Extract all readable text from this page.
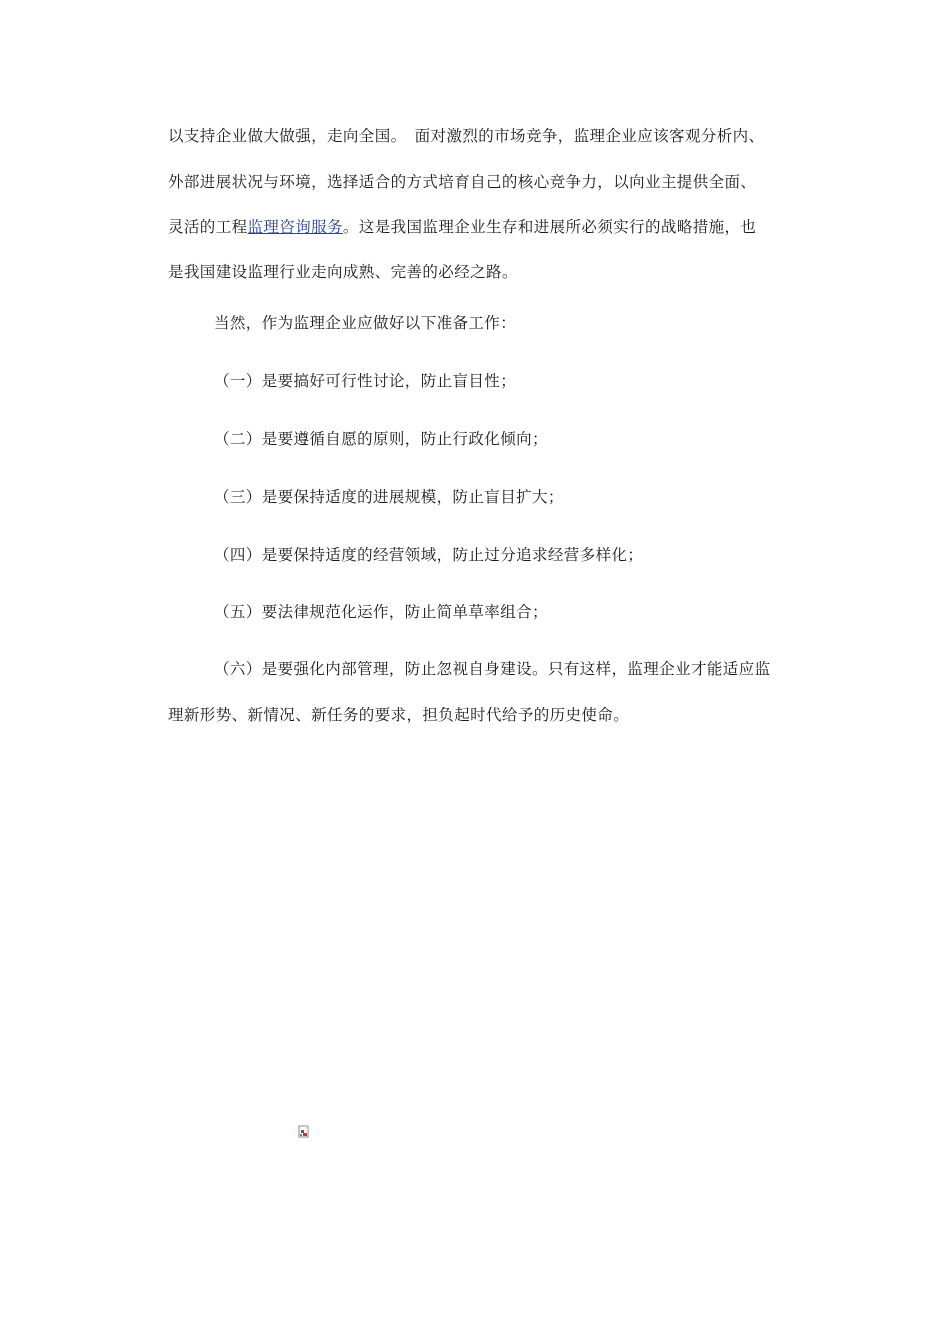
以支持企业做大做强，走向全国。　面对激烈的市场竞争，监理企业应该客观分析内、
外部进展状况与环境，选择适合的方式培育自己的核心竞争力，以向业主提供全面、
灵活的工程监理咨询服务。这是我国监理企业生存和进展所必须实行的战略措施，也
是我国建设监理行业走向成熟、完善的必经之路。
当然，作为监理企业应做好以下准备工作：
（一）是要搞好可行性讨论，防止盲目性；
（二）是要遵循自愿的原则，防止行政化倾向；
（三）是要保持适度的进展规模，防止盲目扩大；
（四）是要保持适度的经营领域，防止过分追求经营多样化；
（五）要法律规范化运作，防止简单草率组合；
（六）是要强化内部管理，防止忽视自身建设。只有这样，监理企业才能适应监
理新形势、新情况、新任务的要求，担负起时代给予的历史使命。
